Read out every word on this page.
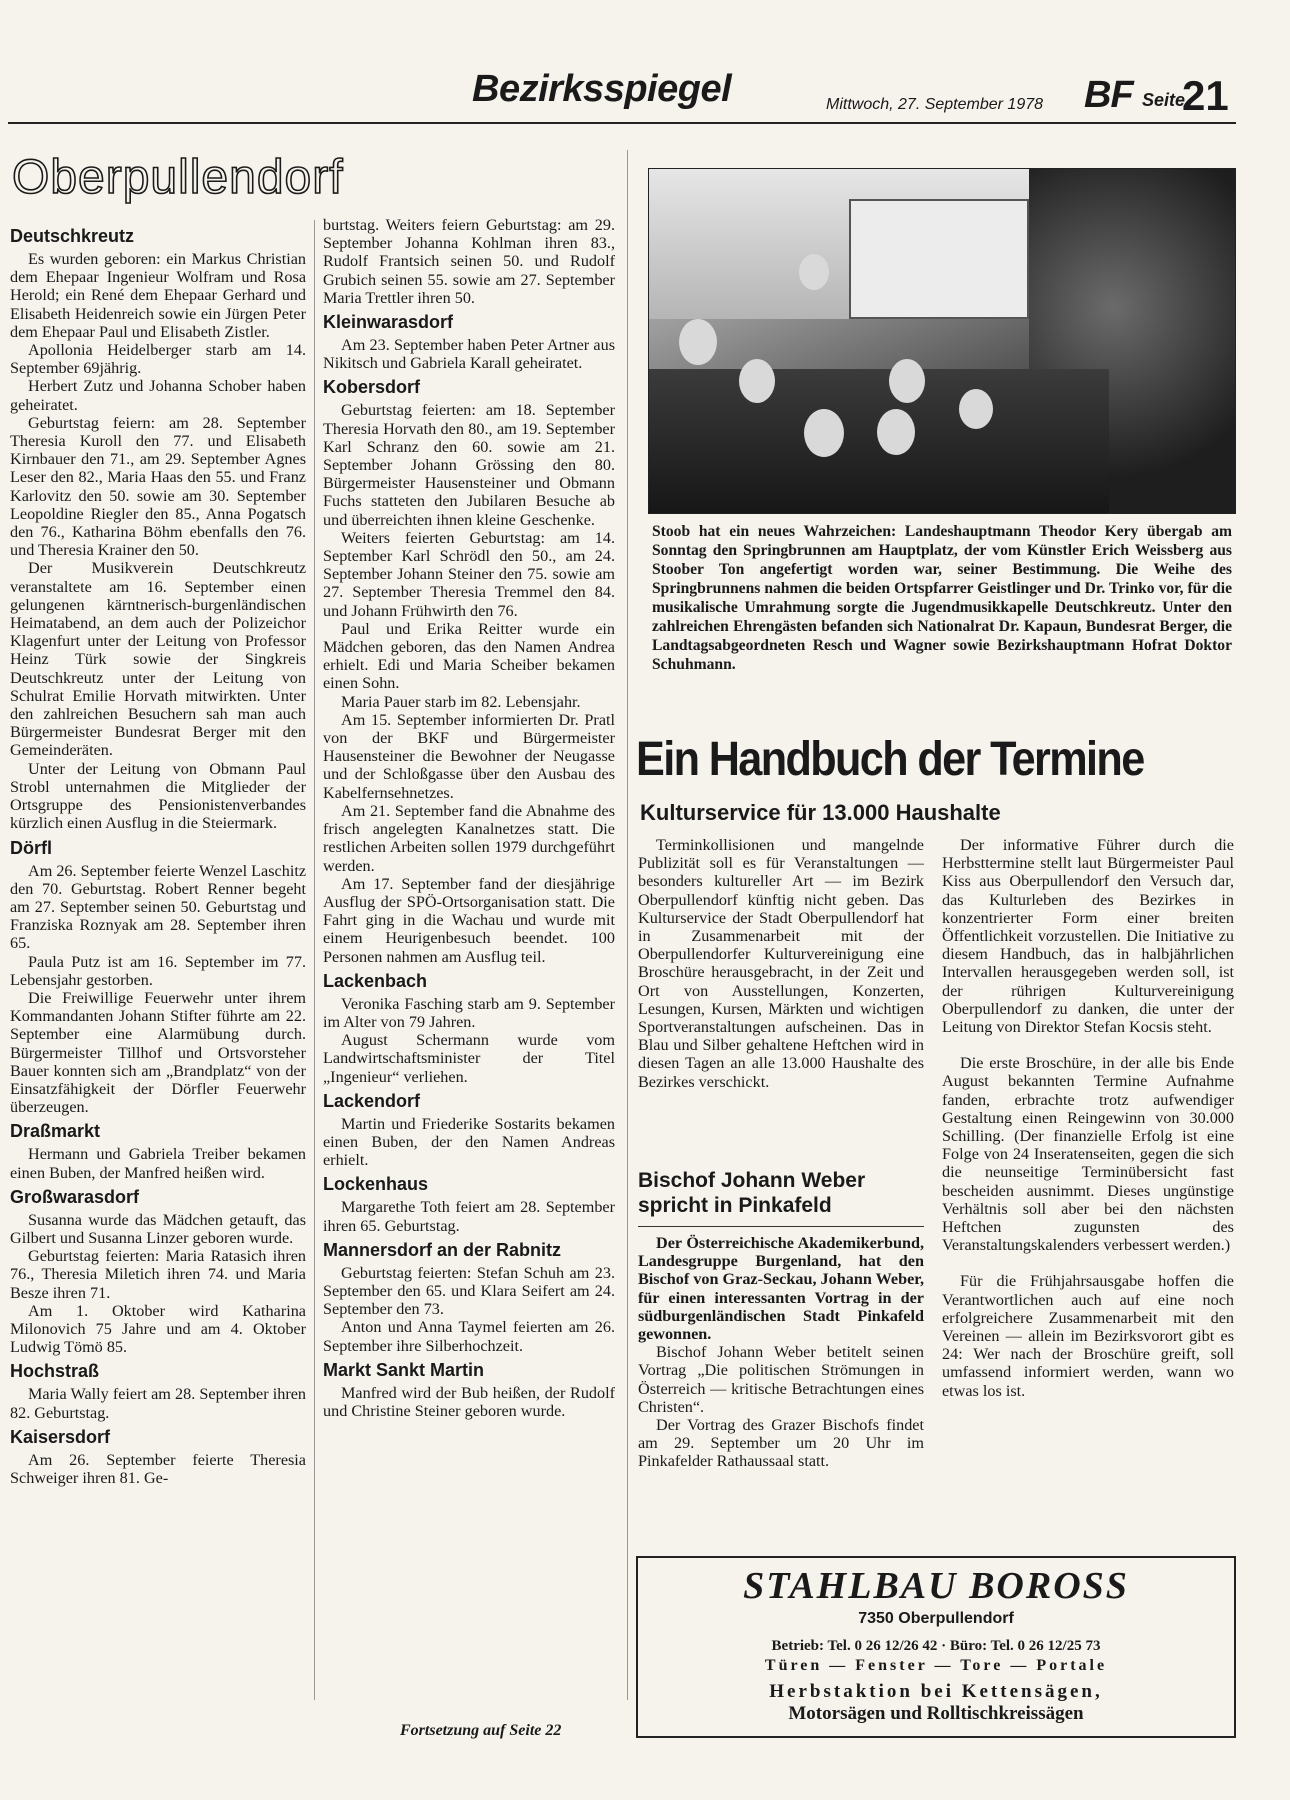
Bezirksspiegel	Mittwoch, 27. September 1978 BF Seite
21
Oberpullendorf
Deutschkreutz

Es wurden geboren: ein Markus Christian dem Ehepaar Ingenieur Wolfram und Rosa Herold; ein René dem Ehepaar Gerhard und Elisabeth Heidenreich sowie ein Jürgen Peter dem Ehepaar Paul und Elisabeth Zistler.

Apollonia Heidelberger starb am 14. September 69jährig.

Herbert Zutz und Johanna Schober haben geheiratet.

Geburtstag feiern: am 28. September Theresia Kuroll den 77. und Elisabeth Kirnbauer den 71., am 29. September Agnes Leser den 82., Maria Haas den 55. und Franz Karlovitz den 50. sowie am 30. September Leopoldine Riegler den 85., Anna Pogatsch den 76., Katharina Böhm ebenfalls den 76. und Theresia Krainer den 50.

Der Musikverein Deutschkreutz veranstaltete am 16. September einen gelungenen kärntnerisch-burgenländischen Heimatabend, an dem auch der Polizeichor Klagenfurt unter der Leitung von Professor Heinz Türk sowie der Singkreis Deutschkreutz unter der Leitung von Schulrat Emilie Horvath mitwirkten. Unter den zahlreichen Besuchern sah man auch Bürgermeister Bundesrat Berger mit den Gemeinderäten.

Unter der Leitung von Obmann Paul Strobl unternahmen die Mitglieder der Ortsgruppe des Pensionistenverbandes kürzlich einen Ausflug in die Steiermark.

Dörfl

Am 26. September feierte Wenzel Laschitz den 70. Geburtstag. Robert Renner begeht am 27. September seinen 50. Geburtstag und Franziska Roznyak am 28. September ihren 65.

Paula Putz ist am 16. September im 77. Lebensjahr gestorben.

Die Freiwillige Feuerwehr unter ihrem Kommandanten Johann Stifter führte am 22. September eine Alarmübung durch. Bürgermeister Tillhof und Ortsvorsteher Bauer konnten sich am „Brandplatz“ von der Einsatzfähigkeit der Dörfler Feuerwehr überzeugen.

Draßmarkt

Hermann und Gabriela Treiber bekamen einen Buben, der Manfred heißen wird.

Großwarasdorf

Susanna wurde das Mädchen getauft, das Gilbert und Susanna Linzer geboren wurde.

Geburtstag feierten: Maria Ratasich ihren 76., Theresia Miletich ihren 74. und Maria Besze ihren 71.

Am 1. Oktober wird Katharina Milonovich 75 Jahre und am 4. Oktober Ludwig Tömö 85.

Hochstraß

Maria Wally feiert am 28. September ihren 82. Geburtstag.

Kaisersdorf

Am 26. September feierte Theresia Schweiger ihren 81. Ge-

burtstag. Weiters feiern Geburtstag: am 29. September Johanna Kohlman ihren 83., Rudolf Frantsich seinen 50. und Rudolf Grubich seinen 55. sowie am 27. September Maria Trettler ihren 50.

Kleinwarasdorf

Am 23. September haben Peter Artner aus Nikitsch und Gabriela Karall geheiratet.

Kobersdorf

Geburtstag feierten: am 18. September Theresia Horvath den 80., am 19. September Karl Schranz den 60. sowie am 21. September Johann Grössing den 80. Bürgermeister Hausensteiner und Obmann Fuchs statteten den Jubilaren Besuche ab und überreichten ihnen kleine Geschenke.

Weiters feierten Geburtstag: am 14. September Karl Schrödl den 50., am 24. September Johann Steiner den 75. sowie am 27. September Theresia Tremmel den 84. und Johann Frühwirth den 76.

Paul und Erika Reitter wurde ein Mädchen geboren, das den Namen Andrea erhielt. Edi und Maria Scheiber bekamen einen Sohn.

Maria Pauer starb im 82. Lebensjahr.

Am 15. September informierten Dr. Pratl von der BKF und Bürgermeister Hausensteiner die Bewohner der Neugasse und der Schloßgasse über den Ausbau des Kabelfernsehnetzes.

Am 21. September fand die Abnahme des frisch angelegten Kanalnetzes statt. Die restlichen Arbeiten sollen 1979 durchgeführt werden.

Am 17. September fand der diesjährige Ausflug der SPÖ-Ortsorganisation statt. Die Fahrt ging in die Wachau und wurde mit einem Heurigenbesuch beendet. 100 Personen nahmen am Ausflug teil.

Lackenbach

Veronika Fasching starb am 9. September im Alter von 79 Jahren.

August Schermann wurde vom Landwirtschaftsminister der Titel „Ingenieur“ verliehen.

Lackendorf

Martin und Friederike Sostarits bekamen einen Buben, der den Namen Andreas erhielt.

Lockenhaus

Margarethe Toth feiert am 28. September ihren 65. Geburtstag.

Mannersdorf an der Rabnitz

Geburtstag feierten: Stefan Schuh am 23. September den 65. und Klara Seifert am 24. September den 73.

Anton und Anna Taymel feierten am 26. September ihre Silberhochzeit.

Markt Sankt Martin

Manfred wird der Bub heißen, der Rudolf und Christine Steiner geboren wurde.

Fortsetzung auf Seite 22
Stoob hat ein neues Wahrzeichen: Landeshauptmann Theodor Kery übergab am Sonntag den Springbrunnen am Hauptplatz, der vom Künstler Erich Weissberg aus Stoober Ton angefertigt worden war, seiner Bestimmung. Die Weihe des Springbrunnens nahmen die beiden Ortspfarrer Geistlinger und Dr. Trinko vor, für die musikalische Umrahmung sorgte die Jugendmusikkapelle Deutschkreutz. Unter den zahlreichen Ehrengästen befanden sich Nationalrat Dr. Kapaun, Bundesrat Berger, die Landtagsabgeordneten Resch und Wagner sowie Bezirkshauptmann Hofrat Doktor Schuhmann.
Ein Handbuch der Termine
Kulturservice für 13.000 Haushalte

Terminkollisionen und mangelnde Publizität soll es für Veranstaltungen — besonders kultureller Art — im Bezirk Oberpullendorf künftig nicht geben. Das Kulturservice der Stadt Oberpullendorf hat in Zusammenarbeit mit der Oberpullendorfer Kulturvereinigung eine Broschüre herausgebracht, in der Zeit und Ort von Ausstellungen, Konzerten, Lesungen, Kursen, Märkten und wichtigen Sportveranstaltungen aufscheinen. Das in Blau und Silber gehaltene Heftchen wird in diesen Tagen an alle 13.000 Haushalte des Bezirkes verschickt.

Der informative Führer durch die Herbsttermine stellt laut Bürgermeister Paul Kiss aus Oberpullendorf den Versuch dar, das Kulturleben des Bezirkes in konzentrierter Form einer breiten Öffentlichkeit vorzustellen. Die Initiative zu diesem Handbuch, das in halbjährlichen Intervallen herausgegeben werden soll, ist der rührigen Kulturvereinigung Oberpullendorf zu danken, die unter der Leitung von Direktor Stefan Kocsis steht.

Die erste Broschüre, in der alle bis Ende August bekannten Termine Aufnahme fanden, erbrachte trotz aufwendiger Gestaltung einen Reingewinn von 30.000 Schilling. (Der finanzielle Erfolg ist eine Folge von 24 Inseratenseiten, gegen die sich die neunseitige Terminübersicht fast bescheiden ausnimmt. Dieses ungünstige Verhältnis soll aber bei den nächsten Heftchen zugunsten des Veranstaltungskalenders verbessert werden.)

Für die Frühjahrsausgabe hoffen die Verantwortlichen auch auf eine noch erfolgreichere Zusammenarbeit mit den Vereinen — allein im Bezirksvorort gibt es 24: Wer nach der Broschüre greift, soll umfassend informiert werden, wann wo etwas los ist.

Bischof Johann Weber spricht in Pinkafeld

Der Österreichische Akademikerbund, Landesgruppe Burgenland, hat den Bischof von Graz-Seckau, Johann Weber, für einen interessanten Vortrag in der südburgenländischen Stadt Pinkafeld gewonnen.

Bischof Johann Weber betitelt seinen Vortrag „Die politischen Strömungen in Österreich — kritische Betrachtungen eines Christen“.

Der Vortrag des Grazer Bischofs findet am 29. September um 20 Uhr im Pinkafelder Rathaussaal statt.

STAHLBAU BOROSS
7350 Oberpullendorf
Betrieb: Tel. 0 26 12/26 42 · Büro: Tel. 0 26 12/25 73
Türen — Fenster — Tore — Portale
Herbstaktion bei Kettensägen,
Motorsägen und Rolltischkreissägen
